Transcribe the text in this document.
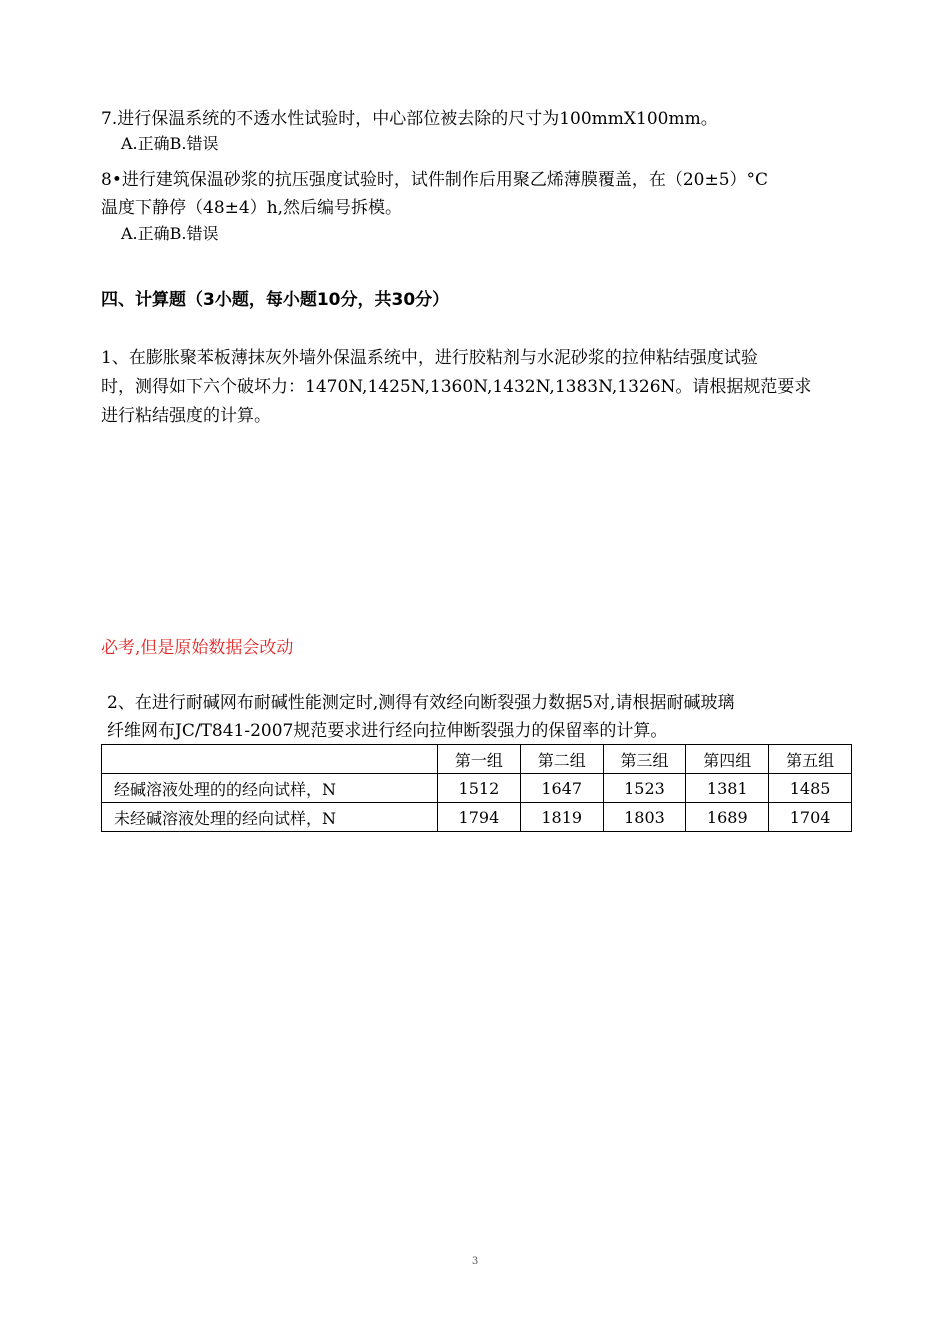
7.进行保温系统的不透水性试验时，中心部位被去除的尺寸为100mmX100mm。
A.正确B.错误
8•进行建筑保温砂浆的抗压强度试验时，试件制作后用聚乙烯薄膜覆盖，在（20±5）°C
温度下静停（48±4）h,然后编号拆模。
A.正确B.错误
四、计算题（3小题，每小题10分，共30分）
1、在膨胀聚苯板薄抹灰外墙外保温系统中，进行胶粘剂与水泥砂浆的拉伸粘结强度试验
时，测得如下六个破坏力：1470N,1425N,1360N,1432N,1383N,1326N。请根据规范要求
进行粘结强度的计算。
必考,但是原始数据会改动
2、在进行耐碱网布耐碱性能测定时,测得有效经向断裂强力数据5对,请根据耐碱玻璃
纤维网布JC/T841-2007规范要求进行经向拉伸断裂强力的保留率的计算。
	第一组	第二组	第三组	第四组	第五组
经碱溶液处理的的经向试样，N	1512	1647	1523	1381	1485
未经碱溶液处理的经向试样，N	1794	1819	1803	1689	1704
3
